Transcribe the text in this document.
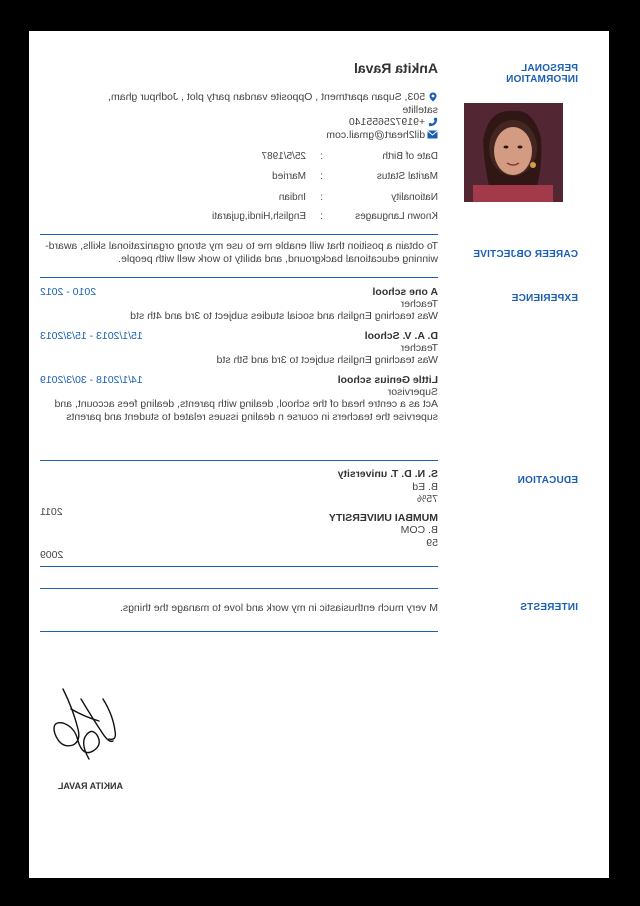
PERSONAL INFORMATION
CAREER OBJECTIVE
EXPERIENCE
EDUCATION
INTERESTS
Ankita Raval
503, Supan apartment , Opposite vandan party plot , Jodhpur gham, satellite
+919725655140
dil2heart@gmail.com
Date of Birth
:
25/5/1987
Marital Status
:
Married
Nationality
:
Indian
Known Languages
:
English,Hindi,gujarati
To obtain a position that will enable me to use my strong organizational skills, award-winning educational background, and ability to work well with people.
A one school
2010 - 2012
Teacher
Was teaching English and social studies subject to 3rd and 4th std
D. A. V. School
15/1/2013 - 15/3/2013
Teacher
Was teaching English subject to 3rd and 5th std
Little Genius school
14/1/2018 - 30/3/2019
Supervisor
Act as a centre head of the school, dealing with parents, dealing fees account, and supervise the teachers in course n dealing issues related to student and parents
S. N. D. T. university
B. Ed
75%
2011	MUMBAI UNIVERSITY
B. COM
59
2009
M very much enthusiastic in my work and love to manage the things.
ANKITA RAVAL
